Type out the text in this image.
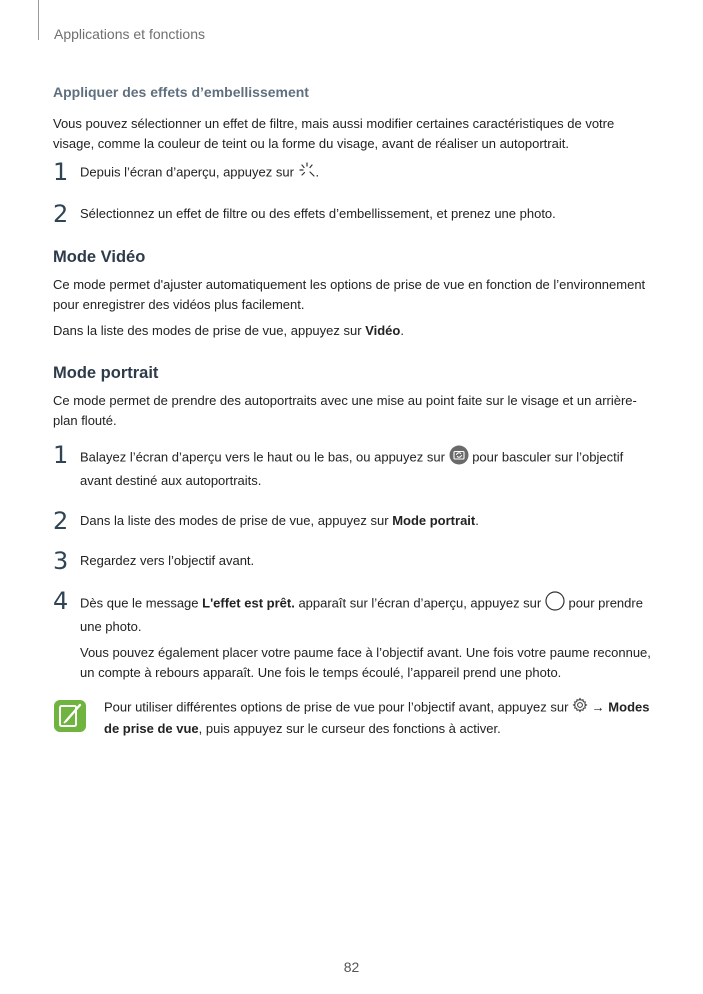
Applications et fonctions
Appliquer des effets d’embellissement

Vous pouvez sélectionner un effet de filtre, mais aussi modifier certaines caractéristiques de votre visage, comme la couleur de teint ou la forme du visage, avant de réaliser un autoportrait.

1 Depuis l’écran d’aperçu, appuyez sur .
2 Sélectionnez un effet de filtre ou des effets d’embellissement, et prenez une photo.
Mode Vidéo

Ce mode permet d'ajuster automatiquement les options de prise de vue en fonction de l’environnement pour enregistrer des vidéos plus facilement.

Dans la liste des modes de prise de vue, appuyez sur Vidéo.

Mode portrait

Ce mode permet de prendre des autoportraits avec une mise au point faite sur le visage et un arrière-plan flouté.

1 Balayez l’écran d’aperçu vers le haut ou le bas, ou appuyez sur pour basculer sur l’objectif avant destiné aux autoportraits.
2 Dans la liste des modes de prise de vue, appuyez sur Mode portrait.
3 Regardez vers l’objectif avant.
4 Dès que le message L'effet est prêt. apparaît sur l’écran d’aperçu, appuyez sur pour prendre une photo.

Vous pouvez également placer votre paume face à l’objectif avant. Une fois votre paume reconnue, un compte à rebours apparaît. Une fois le temps écoulé, l’appareil prend une photo.

Pour utiliser différentes options de prise de vue pour l’objectif avant, appuyez sur → Modes de prise de vue, puis appuyez sur le curseur des fonctions à activer.
82
